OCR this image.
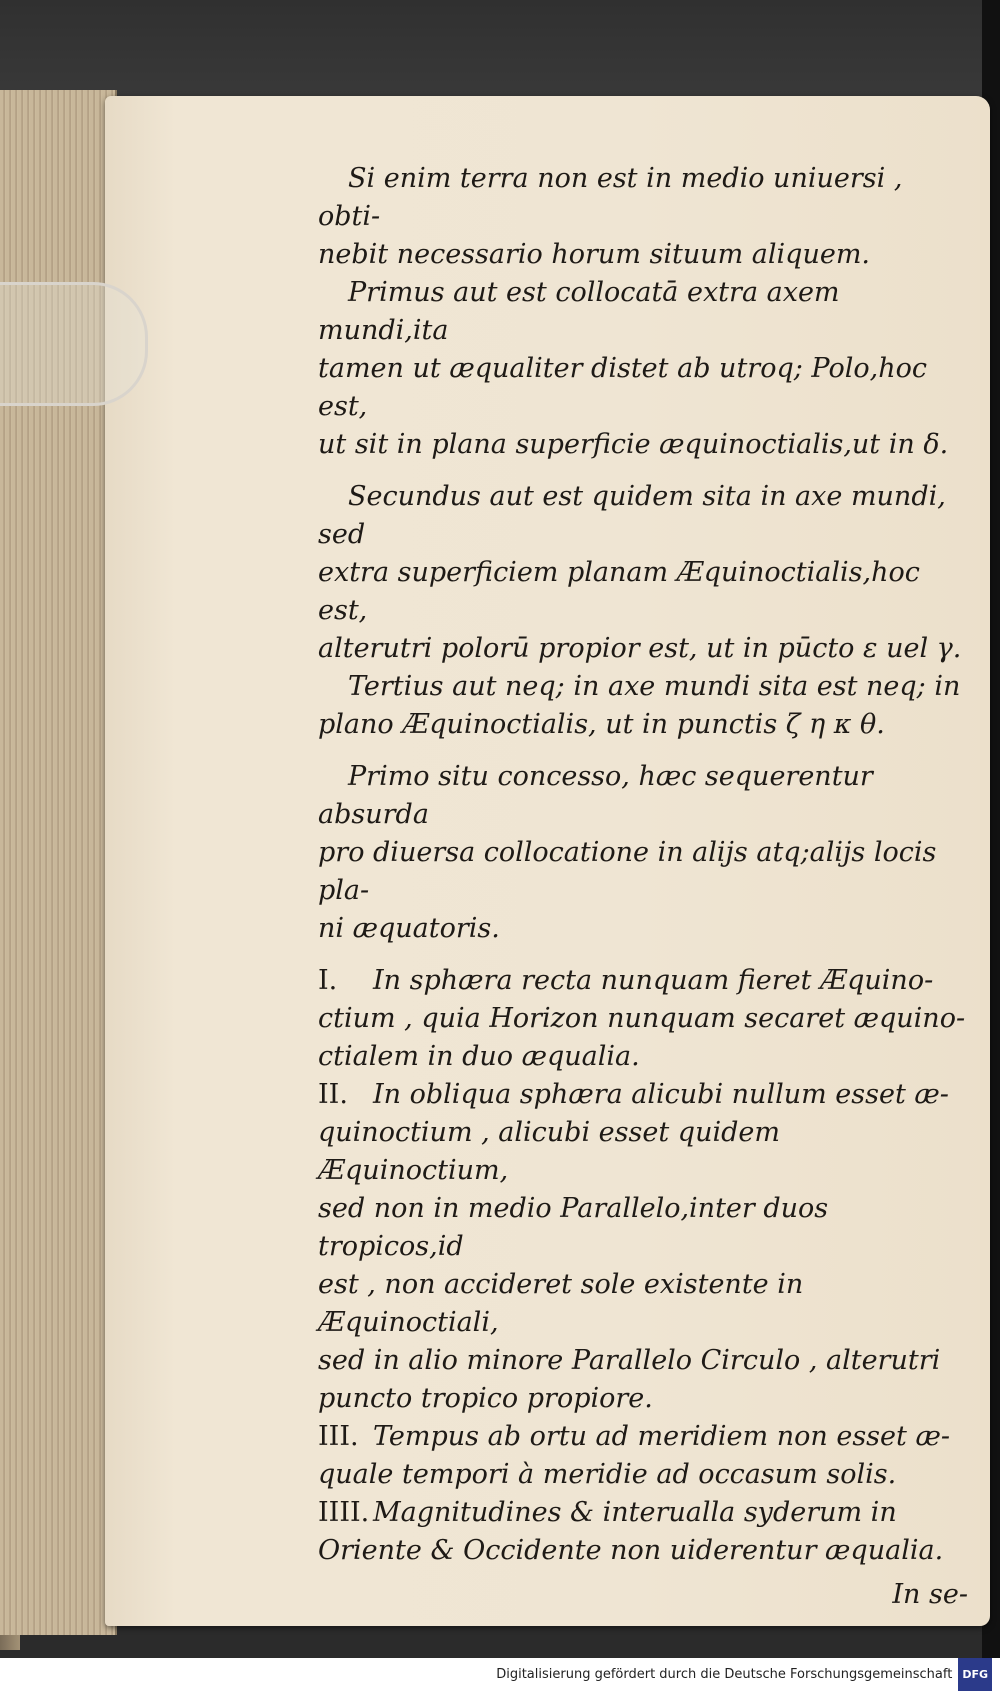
Si enim terra non est in medio uniuersi , obti-

nebit necessario horum situum aliquem.

Primus aut est collocatā extra axem mundi,ita

tamen ut æqualiter distet ab utroq; Polo,hoc est,

ut sit in plana superficie æquinoctialis,ut in δ.

Secundus aut est quidem sita in axe mundi, sed

extra superficiem planam Æquinoctialis,hoc est,

alterutri polorū propior est, ut in pūcto ε uel γ.

Tertius aut neq; in axe mundi sita est neq; in

plano Æquinoctialis, ut in punctis ζ η κ θ.

Primo situ concesso, hæc sequerentur absurda

pro diuersa collocatione in alijs atq;alijs locis pla-

ni æquatoris.

I. In sphæra recta nunquam fieret Æquino-

ctium , quia Horizon nunquam secaret æquino-

ctialem in duo æqualia.

II. In obliqua sphæra alicubi nullum esset æ-

quinoctium , alicubi esset quidem Æquinoctium,

sed non in medio Parallelo,inter duos tropicos,id

est , non accideret sole existente in Æquinoctiali,

sed in alio minore Parallelo Circulo , alterutri

puncto tropico propiore.

III. Tempus ab ortu ad meridiem non esset æ-

quale tempori à meridie ad occasum solis.

IIII. Magnitudines & interualla syderum in

Oriente & Occidente non uiderentur æqualia.

In se-

Digitalisierung gefördert durch die Deutsche Forschungsgemeinschaft DFG
